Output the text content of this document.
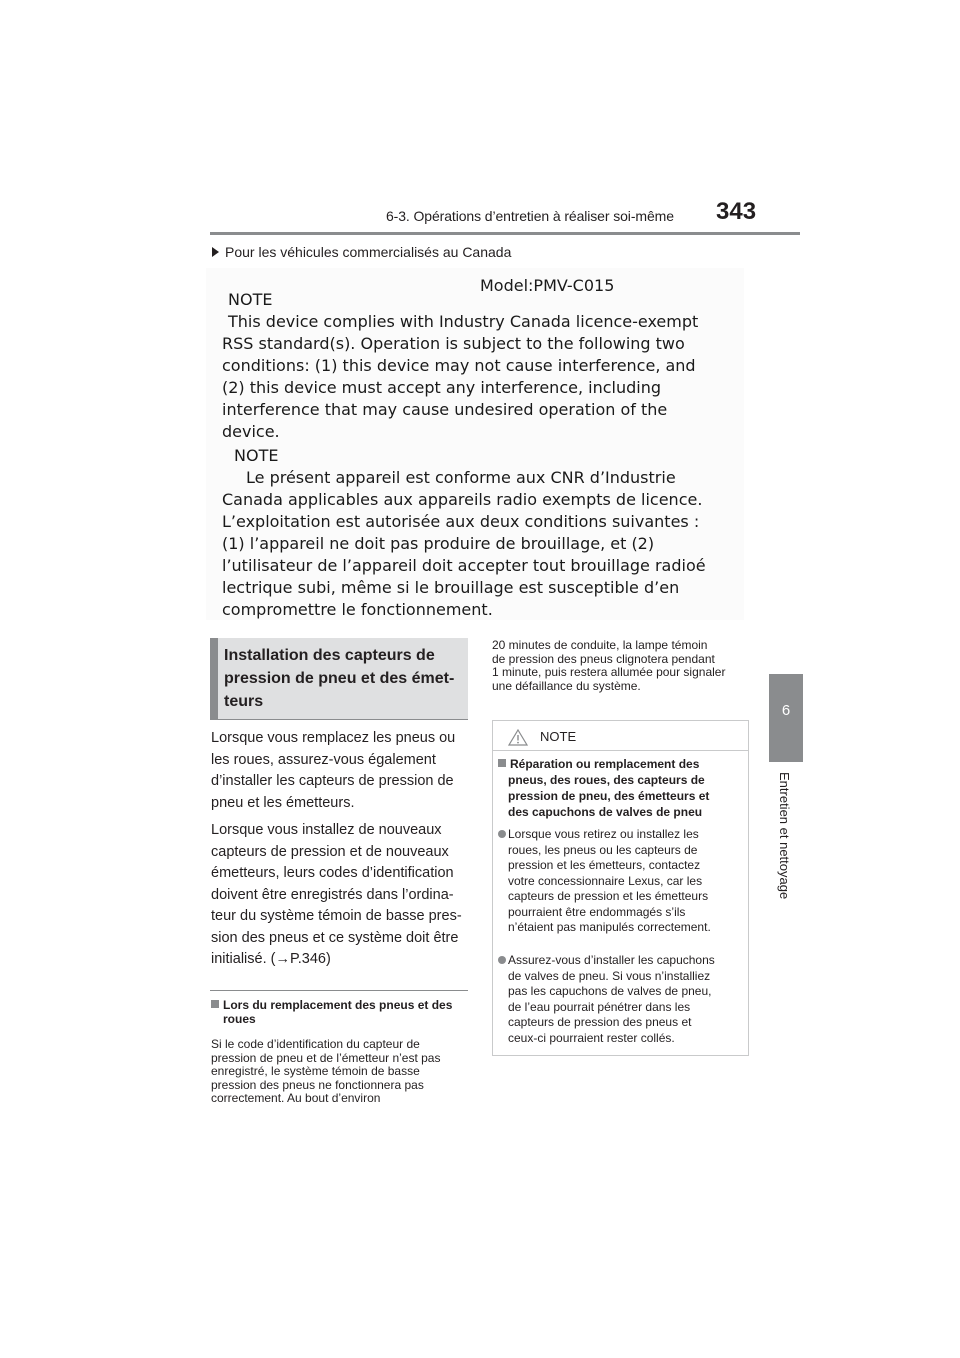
6-3. Opérations d’entretien à réaliser soi-même 343
6
Entretien et nettoyage
Pour les véhicules commercialisés au Canada
Model:PMV-C015
NOTE
This device complies with Industry Canada licence-exempt
RSS standard(s). Operation is subject to the following two
conditions: (1) this device may not cause interference, and
(2) this device must accept any interference, including
interference that may cause undesired operation of the
device.
NOTE
Le présent appareil est conforme aux CNR d’Industrie
Canada applicables aux appareils radio exempts de licence.
L’exploitation est autorisée aux deux conditions suivantes :
(1) l’appareil ne doit pas produire de brouillage, et (2)
l’utilisateur de l’appareil doit accepter tout brouillage radioé
lectrique subi, même si le brouillage est susceptible d’en
compromettre le fonctionnement.
Installation des capteurs de
pression de pneu et des émet-
teurs
Lorsque vous remplacez les pneus ou
les roues, assurez-vous également
d’installer les capteurs de pression de
pneu et les émetteurs.
Lorsque vous installez de nouveaux
capteurs de pression et de nouveaux
émetteurs, leurs codes d’identification
doivent être enregistrés dans l’ordina-
teur du système témoin de basse pres-
sion des pneus et ce système doit être
initialisé. (→P.346)
Lors du remplacement des pneus et des
roues
Si le code d’identification du capteur de
pression de pneu et de l’émetteur n’est pas
enregistré, le système témoin de basse
pression des pneus ne fonctionnera pas
correctement. Au bout d’environ
20 minutes de conduite, la lampe témoin
de pression des pneus clignotera pendant
1 minute, puis restera allumée pour signaler
une défaillance du système.
NOTE
Réparation ou remplacement des
pneus, des roues, des capteurs de
pression de pneu, des émetteurs et
des capuchons de valves de pneu
Lorsque vous retirez ou installez les
roues, les pneus ou les capteurs de
pression et les émetteurs, contactez
votre concessionnaire Lexus, car les
capteurs de pression et les émetteurs
pourraient être endommagés s’ils
n’étaient pas manipulés correctement.
Assurez-vous d’installer les capuchons
de valves de pneu. Si vous n’installiez
pas les capuchons de valves de pneu,
de l’eau pourrait pénétrer dans les
capteurs de pression des pneus et
ceux-ci pourraient rester collés.
